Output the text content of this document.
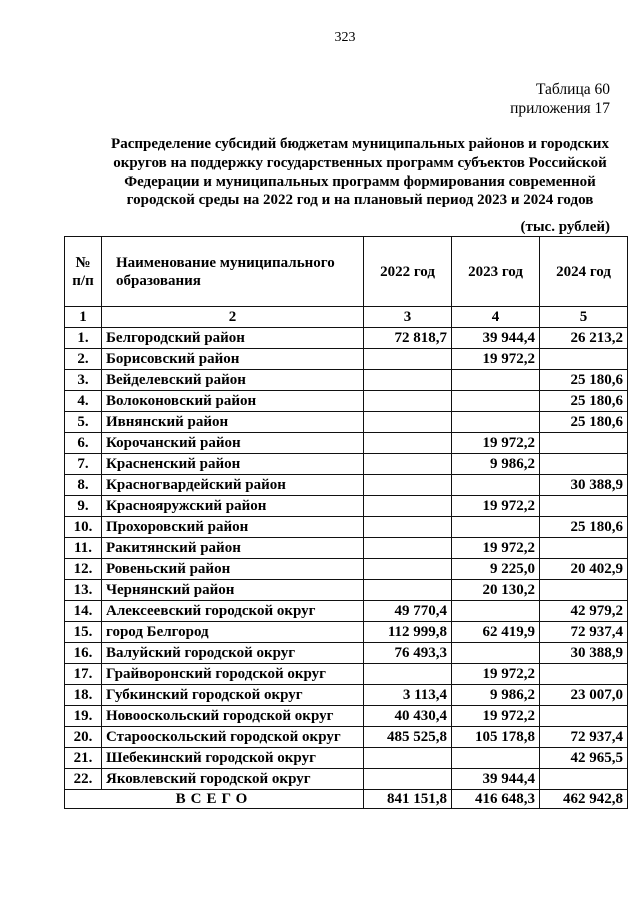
323
Таблица 60
приложения 17
Распределение субсидий бюджетам муниципальных районов и городских
округов на поддержку государственных программ субъектов Российской
Федерации и муниципальных программ формирования современной
городской среды на 2022 год и на плановый период 2023 и 2024 годов
(тыс. рублей)
№ п/п	Наименование муниципального образования	2022 год	2023 год	2024 год
1	2	3	4	5
1.	Белгородский район	72 818,7	39 944,4	26 213,2
2.	Борисовский район		19 972,2	
3.	Вейделевский район			25 180,6
4.	Волоконовский район			25 180,6
5.	Ивнянский район			25 180,6
6.	Корочанский район		19 972,2	
7.	Красненский район		9 986,2	
8.	Красногвардейский район			30 388,9
9.	Краснояружский район		19 972,2	
10.	Прохоровский район			25 180,6
11.	Ракитянский район		19 972,2	
12.	Ровеньский район		9 225,0	20 402,9
13.	Чернянский район		20 130,2	
14.	Алексеевский городской округ	49 770,4		42 979,2
15.	город Белгород	112 999,8	62 419,9	72 937,4
16.	Валуйский городской округ	76 493,3		30 388,9
17.	Грайворонский городской округ		19 972,2	
18.	Губкинский городской округ	3 113,4	9 986,2	23 007,0
19.	Новооскольский городской округ	40 430,4	19 972,2	
20.	Старооскольский городской округ	485 525,8	105 178,8	72 937,4
21.	Шебекинский городской округ			42 965,5
22.	Яковлевский городской округ		39 944,4	
ВСЕГО		841 151,8	416 648,3	462 942,8
